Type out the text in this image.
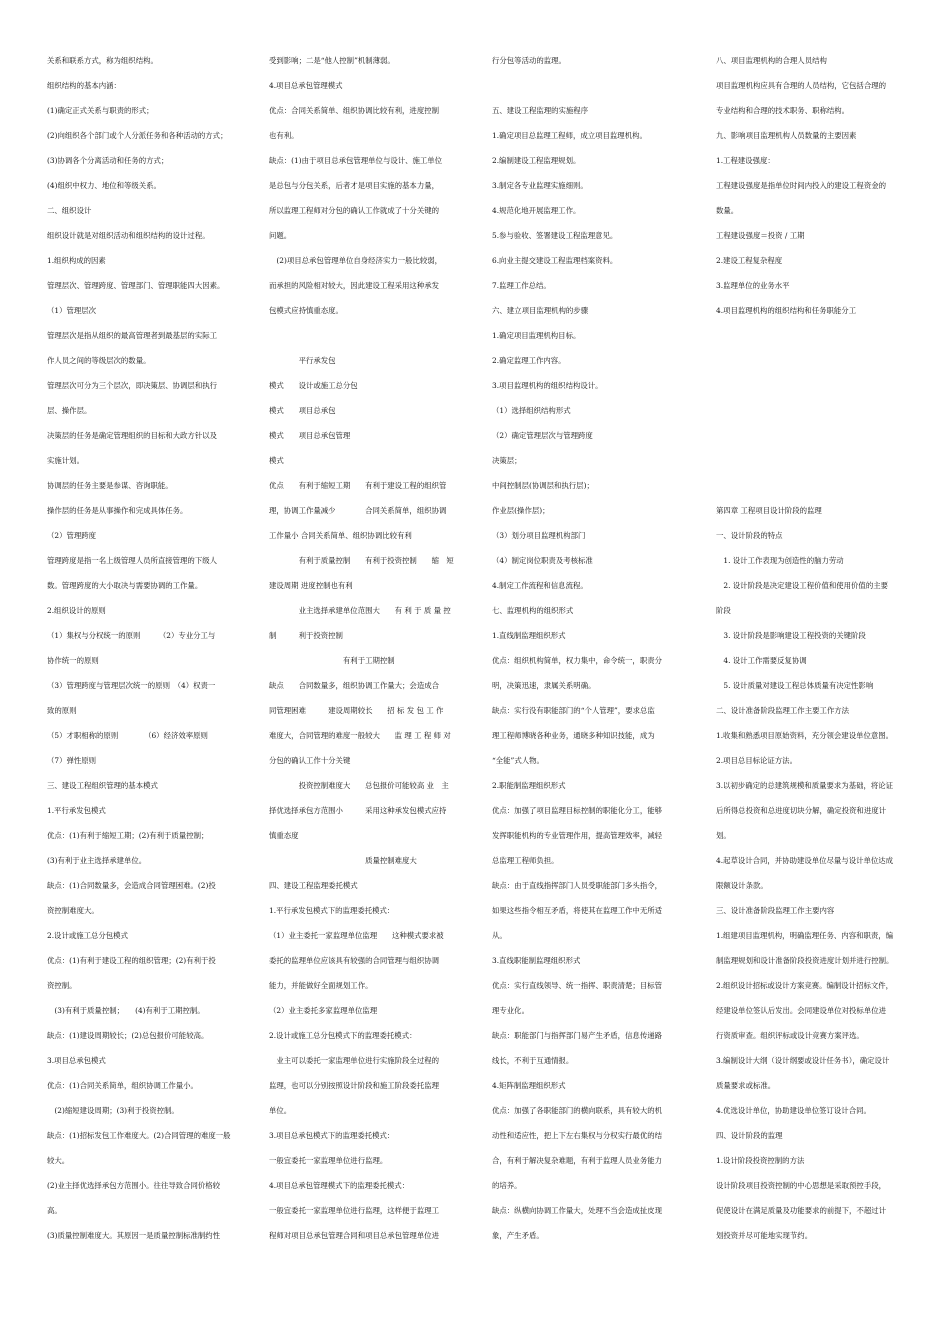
关系和联系方式，称为组织结构。
组织结构的基本内涵：
(1)确定正式关系与职责的形式；
(2)向组织各个部门或个人分派任务和各种活动的方式；
(3)协调各个分离活动和任务的方式；
(4)组织中权力、地位和等级关系。
二、组织设计
组织设计就是对组织活动和组织结构的设计过程。
1.组织构成的因素
管理层次、管理跨度、管理部门、管理职能四大因素。
（1）管理层次
管理层次是指从组织的最高管理者到最基层的实际工
作人员之间的等级层次的数量。
管理层次可分为三个层次，即决策层、协调层和执行
层、操作层。
决策层的任务是确定管理组织的目标和大政方针以及
实施计划。
协调层的任务主要是参谋、咨询职能。
操作层的任务是从事操作和完成具体任务。
（2）管理跨度
管理跨度是指一名上级管理人员所直接管理的下级人
数。管理跨度的大小取决与需要协调的工作量。
2.组织设计的原则
（1）集权与分权统一的原则　　　（2）专业分工与
协作统一的原则
（3）管理跨度与管理层次统一的原则　（4）权责一
致的原则
（5）才职相称的原则　　　　（6）经济效率原则
（7）弹性原则
三、建设工程组织管理的基本模式
1.平行承发包模式
优点：(1)有利于缩短工期；(2)有利于质量控制；
(3)有利于业主选择承建单位。
缺点：(1)合同数量多，会造成合同管理困难。(2)投
资控制难度大。
2.设计或施工总分包模式
优点：(1)有利于建设工程的组织管理；(2)有利于投
资控制。
　(3)有利于质量控制；　　(4)有利于工期控制。
缺点：(1)建设周期较长；(2)总包报价可能较高。
3.项目总承包模式
优点：(1)合同关系简单，组织协调工作量小。
　(2)缩短建设周期；(3)利于投资控制。
缺点：(1)招标发包工作难度大。(2)合同管理的难度一般
较大。
(2)业主择优选择承包方范围小。往往导致合同价格较
高。
(3)质量控制难度大。其原因一是质量控制标准制约性
受到影响；二是“他人控制”机制薄弱。
4.项目总承包管理模式
优点：合同关系简单、组织协调比较有利，进度控制
也有利。
缺点：(1)由于项目总承包管理单位与设计、施工单位
是总包与分包关系，后者才是项目实施的基本力量，
所以监理工程师对分包的确认工作就成了十分关键的
问题。
　(2)项目总承包管理单位自身经济实力一般比较弱，
而承担的风险相对较大，因此建设工程采用这种承发
包模式应持慎重态度。
　　　　平行承发包
模式　　设计或施工总分包
模式　　项目总承包
模式　　项目总承包管理
模式
优点　　有利于缩短工期　　有利于建设工程的组织管
理，协调工作量减少　　　　合同关系简单，组织协调
工作量小 合同关系简单、组织协调比较有利
　　　　有利于质量控制　　有利于投资控制　　缩　短
建设周期 进度控制也有利
　　　　业主选择承建单位范围大　　有 利 于 质 量 控
制　　　利于投资控制
　　　　　　　　　　有利于工期控制
缺点　　合同数量多，组织协调工作量大；会造成合
同管理困难　　　建设周期较长　　招 标 发 包 工 作
难度大，合同管理的难度一般较大　　监 理 工 程 师 对
分包的确认工作十分关键
　　　　投资控制难度大　　总包报价可能较高 业　主
择优选择承包方范围小　　　采用这种承发包模式应持
慎重态度
　　　　　　　　　　　　　质量控制难度大
四、建设工程监理委托模式
1.平行承发包模式下的监理委托模式：
（1）业主委托一家监理单位监理　　这种模式要求被
委托的监理单位应该具有较强的合同管理与组织协调
能力，并能做好全面规划工作。
（2）业主委托多家监理单位监理
2.设计或施工总分包模式下的监理委托模式：
　业主可以委托一家监理单位进行实施阶段全过程的
监理，也可以分别按照设计阶段和施工阶段委托监理
单位。
3.项目总承包模式下的监理委托模式：
一般宜委托一家监理单位进行监理。
4.项目总承包管理模式下的监理委托模式：
一般宜委托一家监理单位进行监理，这样便于监理工
程师对项目总承包管理合同和项目总承包管理单位进
行分包等活动的监理。
五、建设工程监理的实施程序
1.确定项目总监理工程师，成立项目监理机构。
2.编制建设工程监理规划。
3.制定各专业监理实施细则。
4.规范化地开展监理工作。
5.参与验收、签署建设工程监理意见。
6.向业主提交建设工程监理档案资料。
7.监理工作总结。
六、建立项目监理机构的步骤
1.确定项目监理机构目标。
2.确定监理工作内容。
3.项目监理机构的组织结构设计。
（1）选择组织结构形式
（2）确定管理层次与管理跨度
决策层；
中间控制层(协调层和执行层)；
作业层(操作层)；
（3）划分项目监理机构部门
（4）制定岗位职责及考核标准
4.制定工作流程和信息流程。
七、监理机构的组织形式
1.直线制监理组织形式
优点：组织机构简单，权力集中，命令统一，职责分
明，决策迅速，隶属关系明确。
缺点：实行没有职能部门的“个人管理”，要求总监
理工程师博晓各种业务，通晓多种知识技能，成为
“全能”式人物。
2.职能制监理组织形式
优点：加强了项目监理目标控制的职能化分工，能够
发挥职能机构的专业管理作用，提高管理效率，减轻
总监理工程师负担。
缺点：由于直线指挥部门人员受职能部门多头指令，
如果这些指令相互矛盾，将使其在监理工作中无所适
从。
3.直线职能制监理组织形式
优点：实行直线领导、统一指挥、职责清楚；目标管
理专业化。
缺点：职能部门与指挥部门易产生矛盾，信息传递路
线长，不利于互通情报。
4.矩阵制监理组织形式
优点：加强了各职能部门的横向联系，具有较大的机
动性和适应性，把上下左右集权与分权实行最优的结
合，有利于解决复杂难题，有利于监理人员业务能力
的培养。
缺点：纵横向协调工作量大，处理不当会造成扯皮现
象，产生矛盾。
八、项目监理机构的合理人员结构
项目监理机构应具有合理的人员结构，它包括合理的
专业结构和合理的技术职务、职称结构。
九、影响项目监理机构人员数量的主要因素
1.工程建设强度：
工程建设强度是指单位时间内投入的建设工程资金的
数量。
工程建设强度＝投资 / 工期
2.建设工程复杂程度
3.监理单位的业务水平
4.项目监理机构的组织结构和任务职能分工
第四章 工程项目设计阶段的监理
一、设计阶段的特点
　1. 设计工作表现为创造性的脑力劳动
　2. 设计阶段是决定建设工程价值和使用价值的主要
阶段
　3. 设计阶段是影响建设工程投资的关键阶段
　4. 设计工作需要反复协调
　5. 设计质量对建设工程总体质量有决定性影响
二、设计准备阶段监理工作主要工作方法
1.收集和熟悉项目原始资料，充分领会建设单位意图。
2.项目总目标论证方法。
3.以初步确定的总建筑规模和质量要求为基础，将论证
后所得总投资和总进度切块分解，确定投资和进度计
划。
4.起草设计合同，并协助建设单位尽量与设计单位达成
限额设计条款。
三、设计准备阶段监理工作主要内容
1.组建项目监理机构，明确监理任务、内容和职责，编
制监理规划和设计准备阶段投资进度计划并进行控制。
2.组织设计招标或设计方案竞赛。编制设计招标文件，
经建设单位签认后发出。会同建设单位对投标单位进
行资质审查。组织评标或设计竞赛方案评选。
3.编制设计大纲（设计纲要或设计任务书），确定设计
质量要求或标准。
4.优选设计单位，协助建设单位签订设计合同。
四、设计阶段的监理
1.设计阶段投资控制的方法
设计阶段项目投资控制的中心思想是采取预控手段，
促使设计在满足质量及功能要求的前提下，不超过计
划投资并尽可能地实现节约。
